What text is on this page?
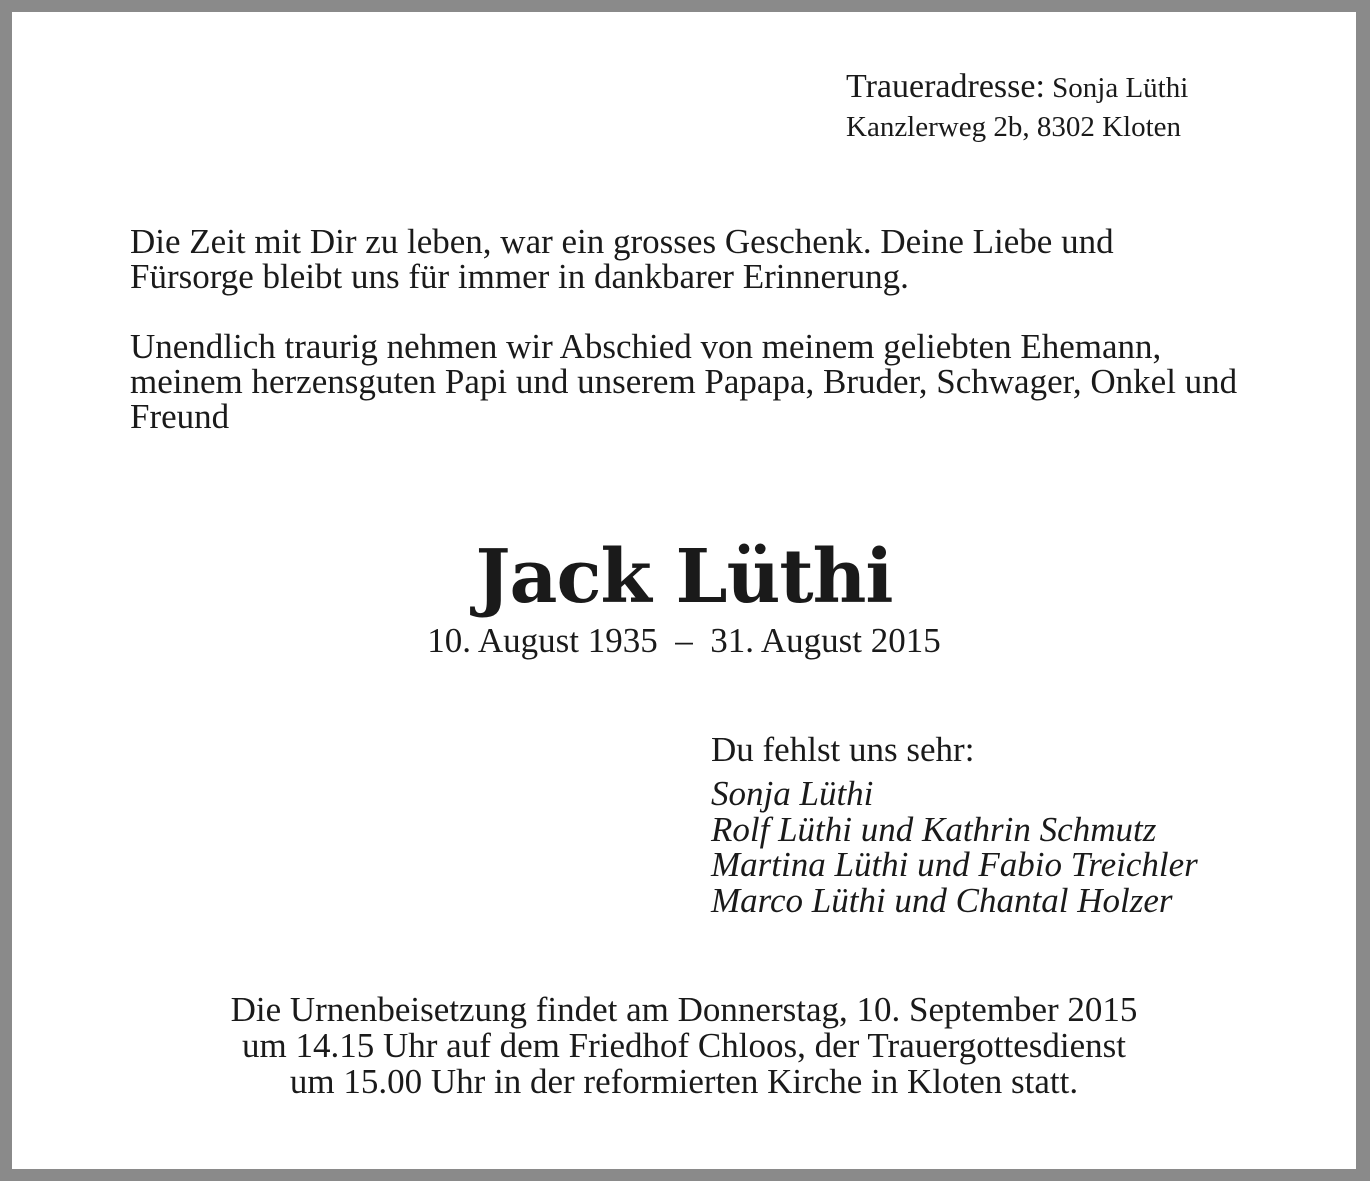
Traueradresse: Sonja Lüthi
Kanzlerweg 2b, 8302 Kloten

Die Zeit mit Dir zu leben, war ein grosses Geschenk. Deine Liebe und Fürsorge bleibt uns für immer in dankbarer Erinnerung.

Unendlich traurig nehmen wir Abschied von meinem geliebten Ehemann, meinem herzensguten Papi und unserem Papapa, Bruder, Schwager, Onkel und Freund

Jack Lüthi
10. August 1935 – 31. August 2015
Du fehlst uns sehr:
Sonja Lüthi
Rolf Lüthi und Kathrin Schmutz
Martina Lüthi und Fabio Treichler
Marco Lüthi und Chantal Holzer
Die Urnenbeisetzung findet am Donnerstag, 10. September 2015
um 14.15 Uhr auf dem Friedhof Chloos, der Trauergottesdienst
um 15.00 Uhr in der reformierten Kirche in Kloten statt.
